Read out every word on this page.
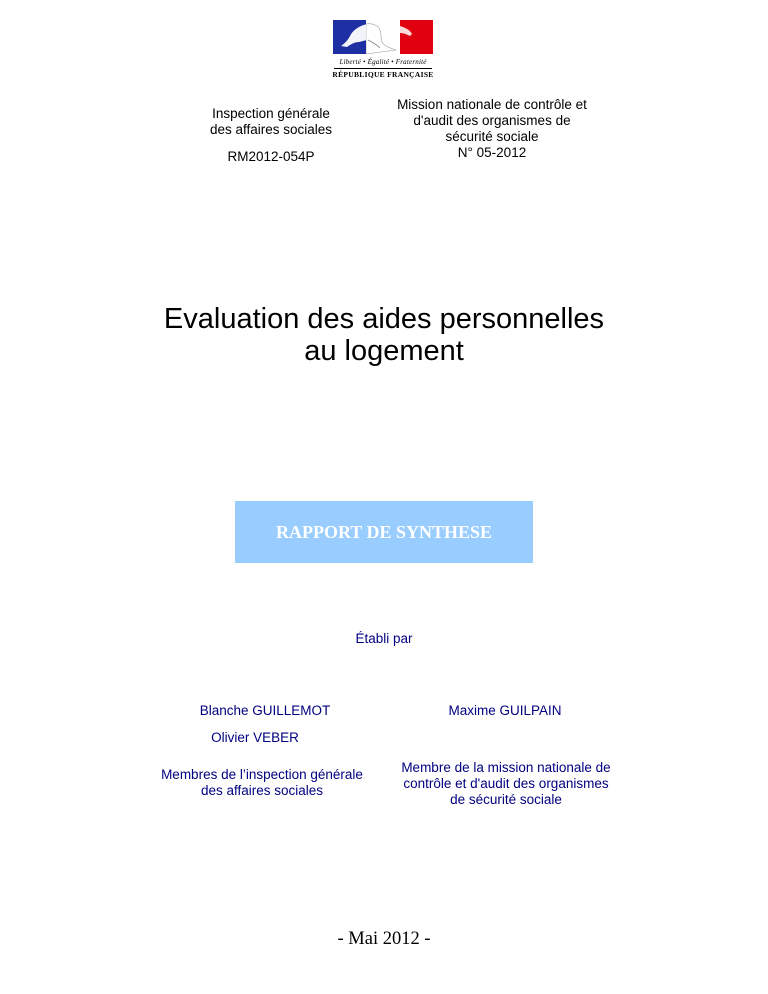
Liberté • Égalité • Fraternité
RÉPUBLIQUE FRANÇAISE
Inspection générale
des affaires sociales
RM2012-054P
Mission nationale de contrôle et
d'audit des organismes de
sécurité sociale
N° 05-2012
Evaluation des aides personnelles
au logement
RAPPORT DE SYNTHESE
Établi par
Blanche GUILLEMOT	Maxime GUILPAIN
Olivier VEBER
Membres de l’inspection générale
des affaires sociales
Membre de la mission nationale de
contrôle et d'audit des organismes
de sécurité sociale
- Mai 2012 -
